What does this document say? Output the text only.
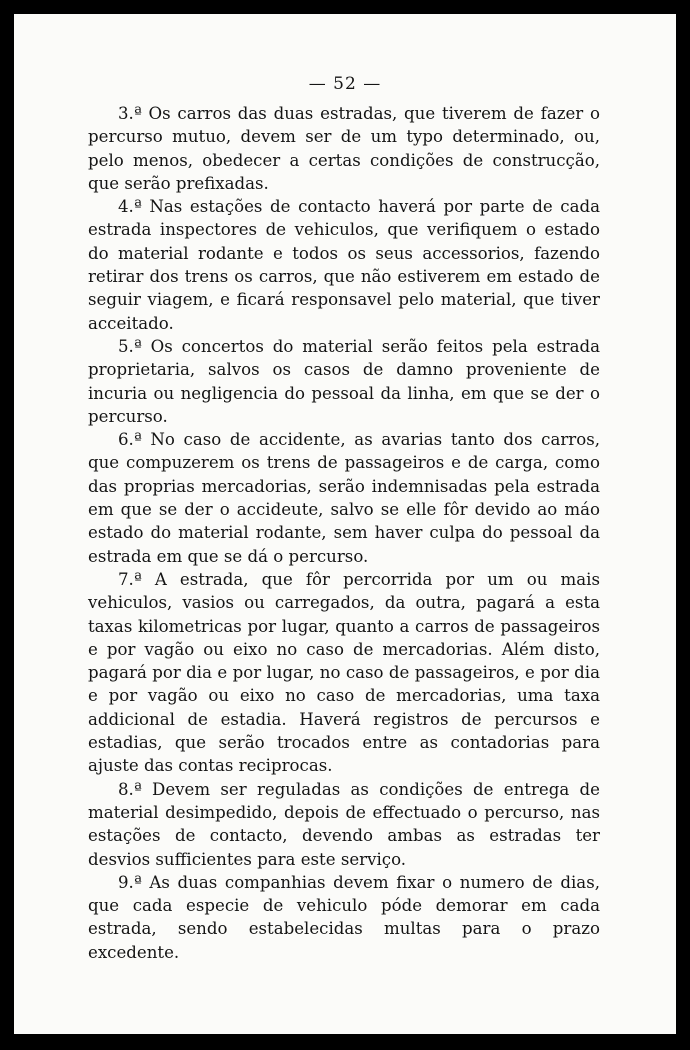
— 52 —

3.ª Os carros das duas estradas, que tiverem de fazer o percurso mutuo, devem ser de um typo determinado, ou, pelo menos, obedecer a certas condições de construcção, que serão prefixadas.

4.ª Nas estações de contacto haverá por parte de cada estrada inspectores de vehiculos, que verifiquem o estado do material rodante e todos os seus accessorios, fazendo retirar dos trens os carros, que não estiverem em estado de seguir viagem, e ficará responsavel pelo material, que tiver acceitado.

5.ª Os concertos do material serão feitos pela estrada proprietaria, salvos os casos de damno proveniente de incuria ou negligencia do pessoal da linha, em que se der o percurso.

6.ª No caso de accidente, as avarias tanto dos carros, que compuzerem os trens de passageiros e de carga, como das proprias mercadorias, serão indemnisadas pela estrada em que se der o accideute, salvo se elle fôr devido ao máo estado do material rodante, sem haver culpa do pessoal da estrada em que se dá o percurso.

7.ª A estrada, que fôr percorrida por um ou mais vehiculos, vasios ou carregados, da outra, pagará a esta taxas kilometricas por lugar, quanto a carros de passageiros e por vagão ou eixo no caso de mercadorias. Além disto, pagará por dia e por lugar, no caso de passageiros, e por dia e por vagão ou eixo no caso de mercadorias, uma taxa addicional de estadia. Haverá registros de percursos e estadias, que serão trocados entre as contadorias para ajuste das contas reciprocas.

8.ª Devem ser reguladas as condições de entrega de material desimpedido, depois de effectuado o percurso, nas estações de contacto, devendo ambas as estradas ter desvios sufficientes para este serviço.

9.ª As duas companhias devem fixar o numero de dias, que cada especie de vehiculo póde demorar em cada estrada, sendo estabelecidas multas para o prazo excedente.
